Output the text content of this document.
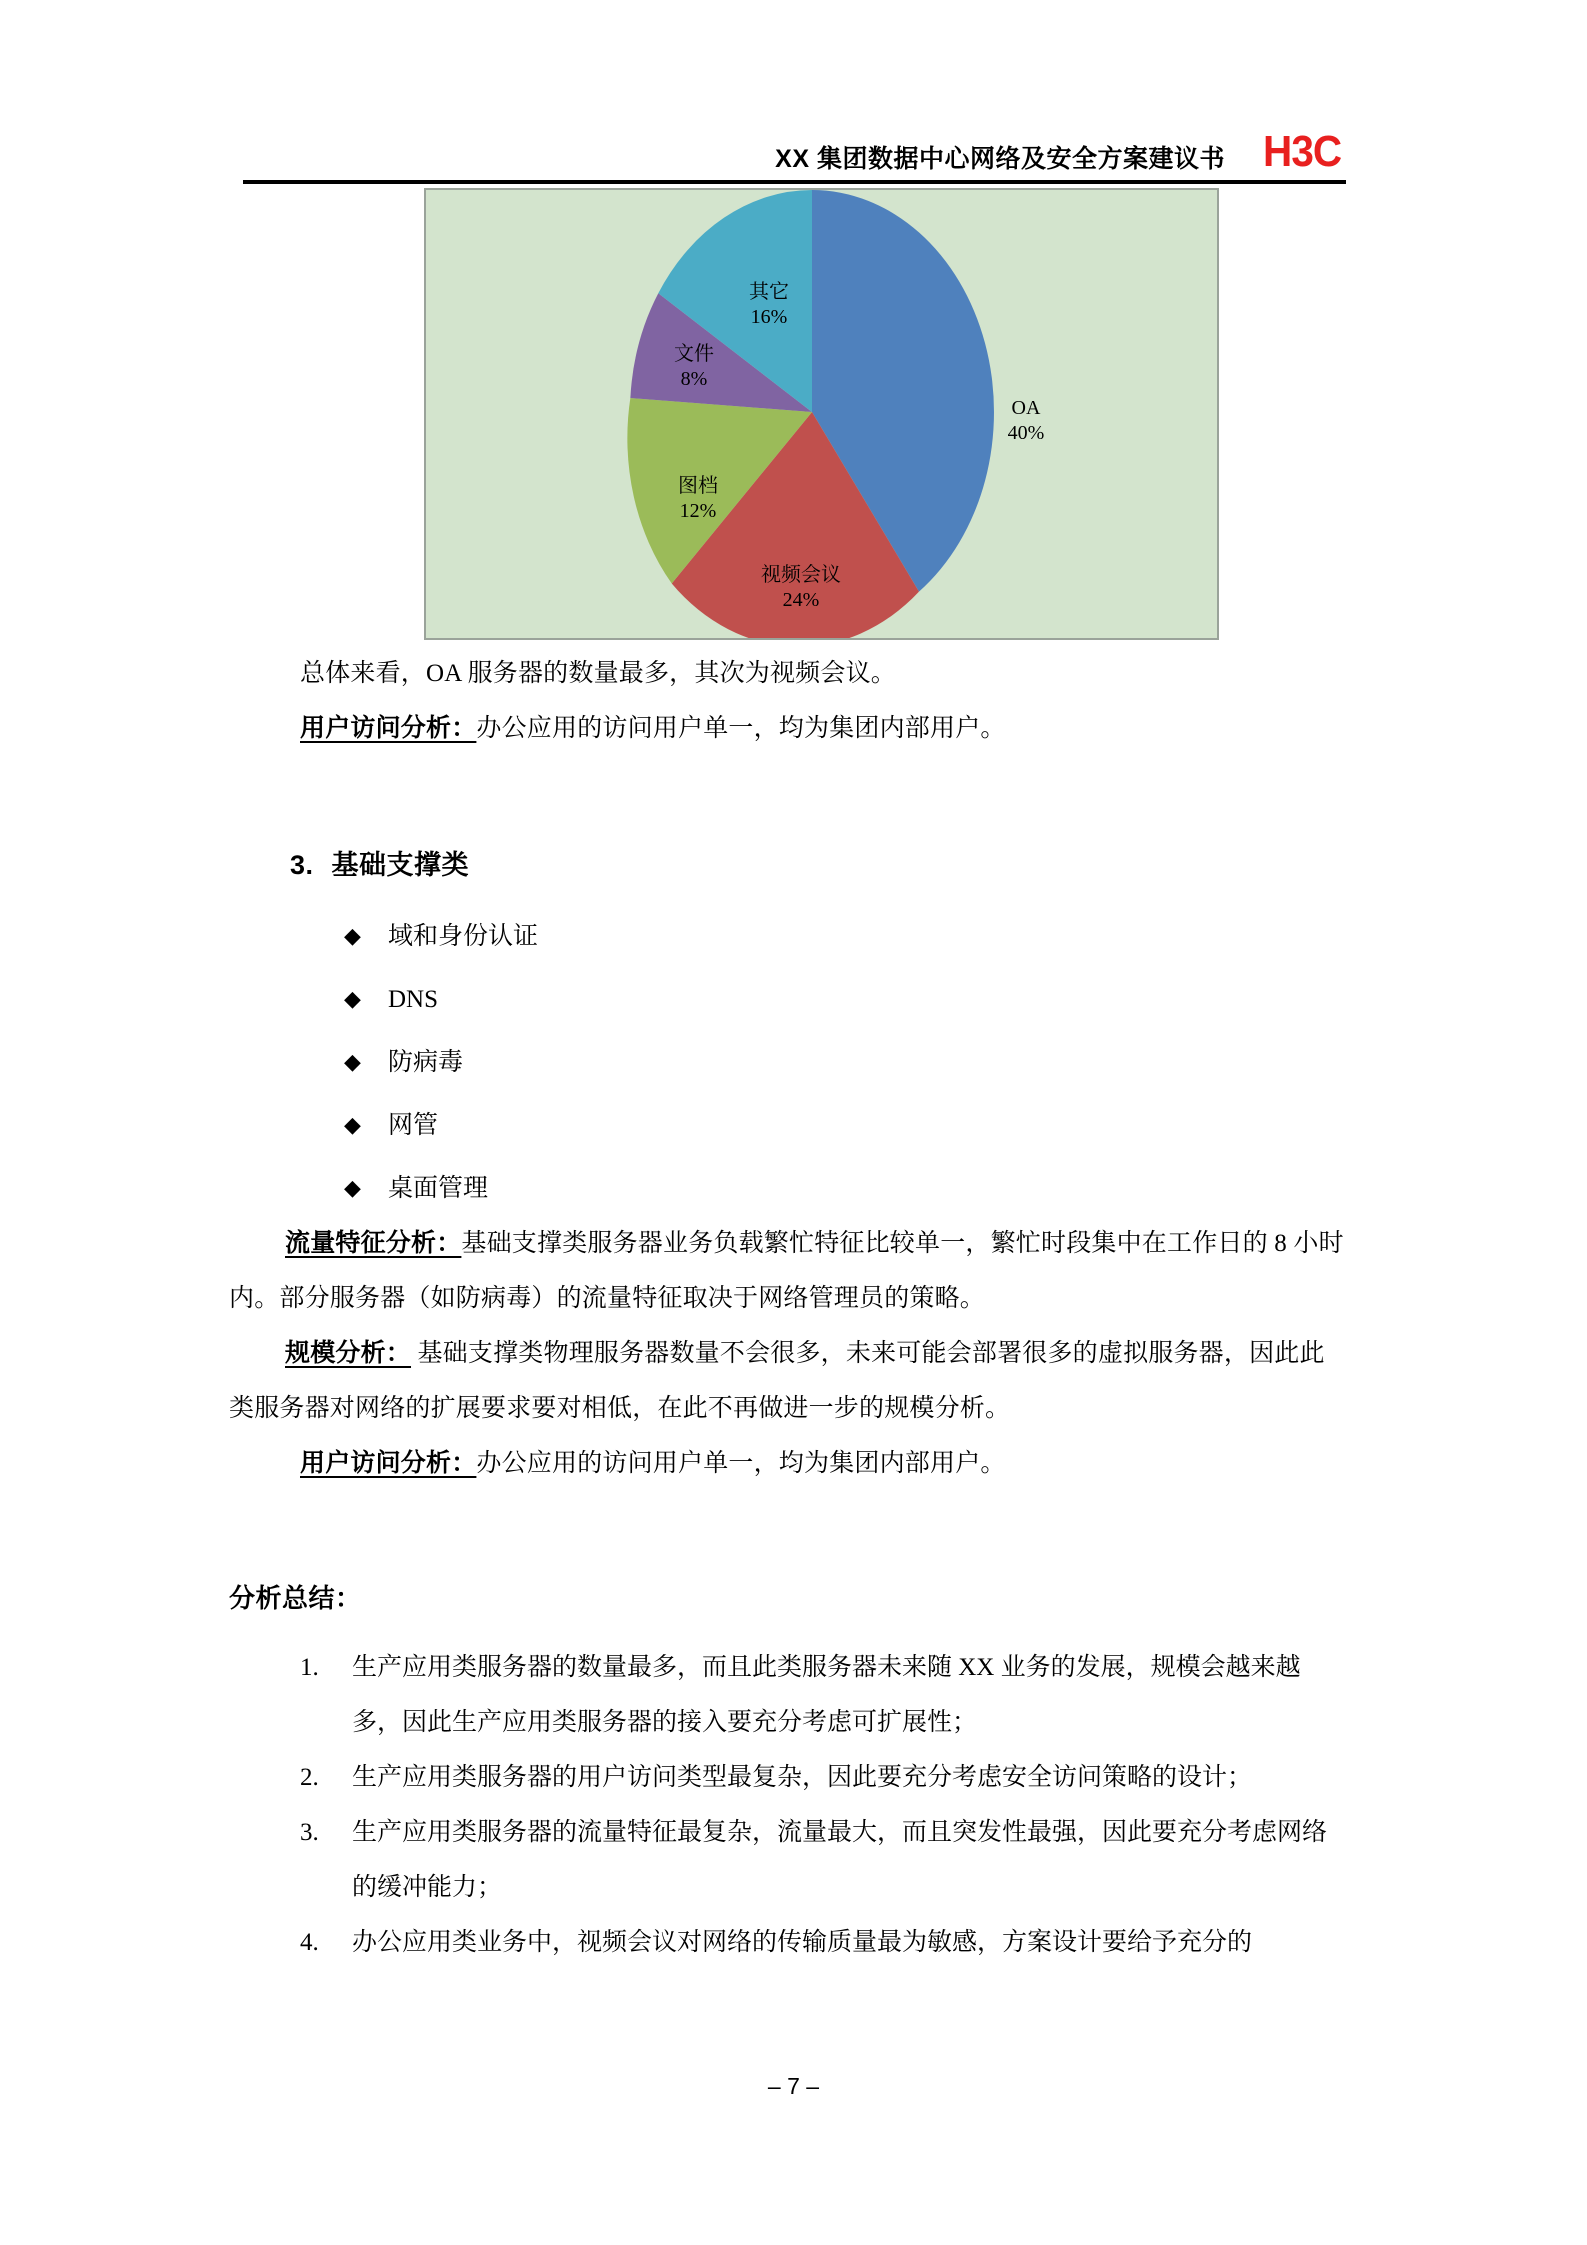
XX 集团数据中心网络及安全方案建议书 H3C
OA
40%
视频会议
24%
图档
12%
文件
8%
其它
16%
总体来看，OA 服务器的数量最多，其次为视频会议。
用户访问分析：办公应用的访问用户单一，均为集团内部用户。
3. 基础支撑类
◆	域和身份认证
◆	DNS
◆	防病毒
◆	网管
◆	桌面管理
流量特征分析：基础支撑类服务器业务负载繁忙特征比较单一，繁忙时段集中在工作日的 8 小时内。部分服务器（如防病毒）的流量特征取决于网络管理员的策略。
规模分析： 基础支撑类物理服务器数量不会很多，未来可能会部署很多的虚拟服务器，因此此类服务器对网络的扩展要求要对相低，在此不再做进一步的规模分析。
用户访问分析：办公应用的访问用户单一，均为集团内部用户。
分析总结：
1.	生产应用类服务器的数量最多，而且此类服务器未来随 XX 业务的发展，规模会越来越多，因此生产应用类服务器的接入要充分考虑可扩展性；
2.	生产应用类服务器的用户访问类型最复杂，因此要充分考虑安全访问策略的设计；
3.	生产应用类服务器的流量特征最复杂，流量最大，而且突发性最强，因此要充分考虑网络的缓冲能力；
4.	办公应用类业务中，视频会议对网络的传输质量最为敏感，方案设计要给予充分的
– 7 –
